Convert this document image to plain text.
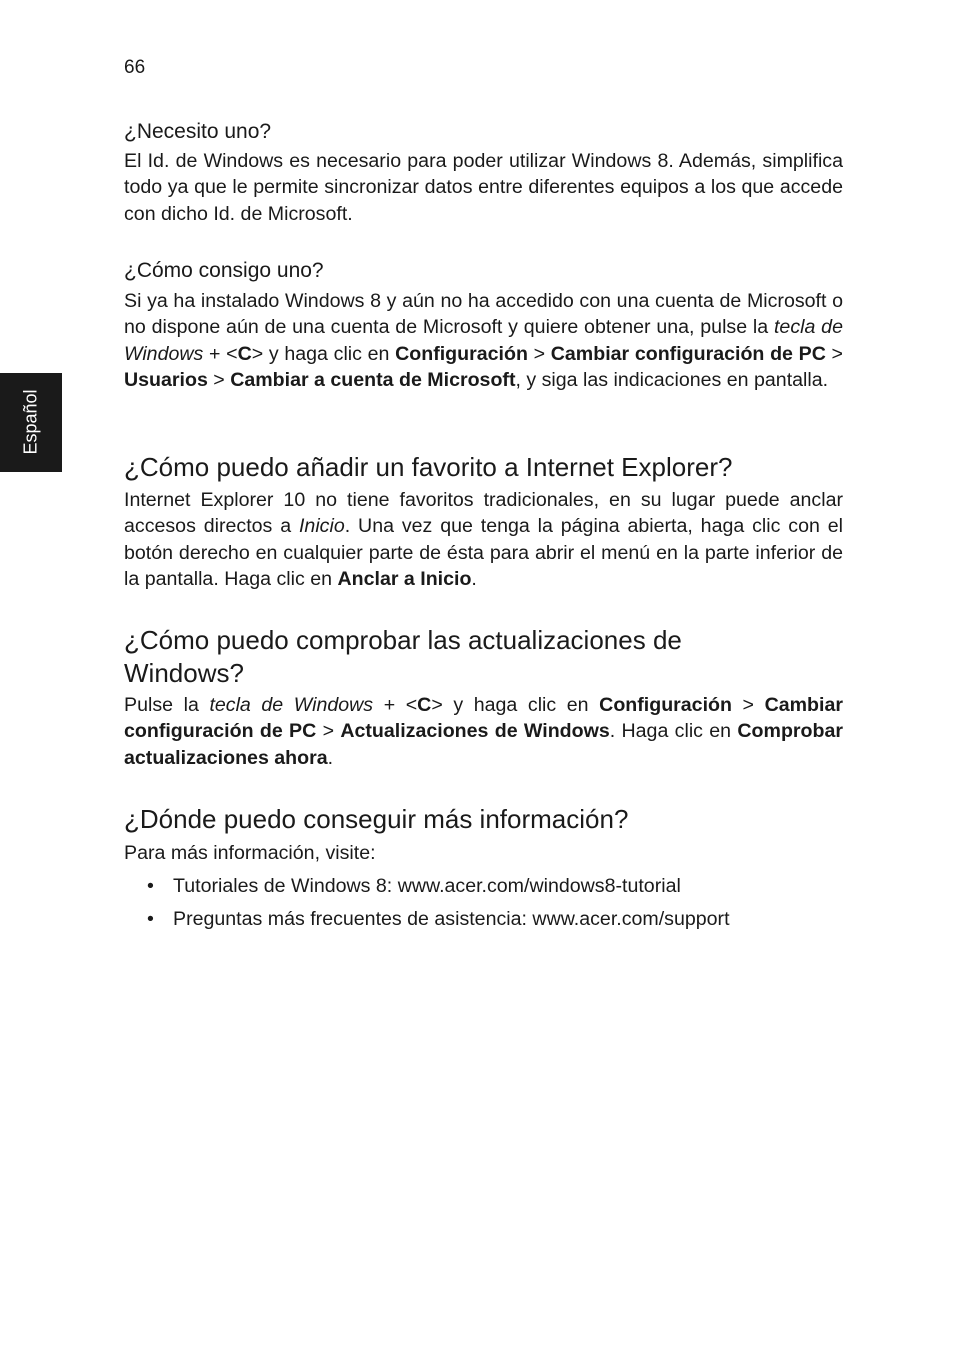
66
Español
¿Necesito uno?

El Id. de Windows es necesario para poder utilizar Windows 8. Además, simplifica todo ya que le permite sincronizar datos entre diferentes equipos a los que accede con dicho Id. de Microsoft.

¿Cómo consigo uno?

Si ya ha instalado Windows 8 y aún no ha accedido con una cuenta de Microsoft o no dispone aún de una cuenta de Microsoft y quiere obtener una, pulse la tecla de Windows + <C> y haga clic en Configuración > Cambiar configuración de PC > Usuarios > Cambiar a cuenta de Microsoft, y siga las indicaciones en pantalla.

¿Cómo puedo añadir un favorito a Internet Explorer?

Internet Explorer 10 no tiene favoritos tradicionales, en su lugar puede anclar accesos directos a Inicio. Una vez que tenga la página abierta, haga clic con el botón derecho en cualquier parte de ésta para abrir el menú en la parte inferior de la pantalla. Haga clic en Anclar a Inicio.

¿Cómo puedo comprobar las actualizaciones de
Windows?

Pulse la tecla de Windows + <C> y haga clic en Configuración > Cambiar configuración de PC > Actualizaciones de Windows. Haga clic en Comprobar actualizaciones ahora.

¿Dónde puedo conseguir más información?

Para más información, visite:

• Tutoriales de Windows 8: www.acer.com/windows8-tutorial
• Preguntas más frecuentes de asistencia: www.acer.com/support
